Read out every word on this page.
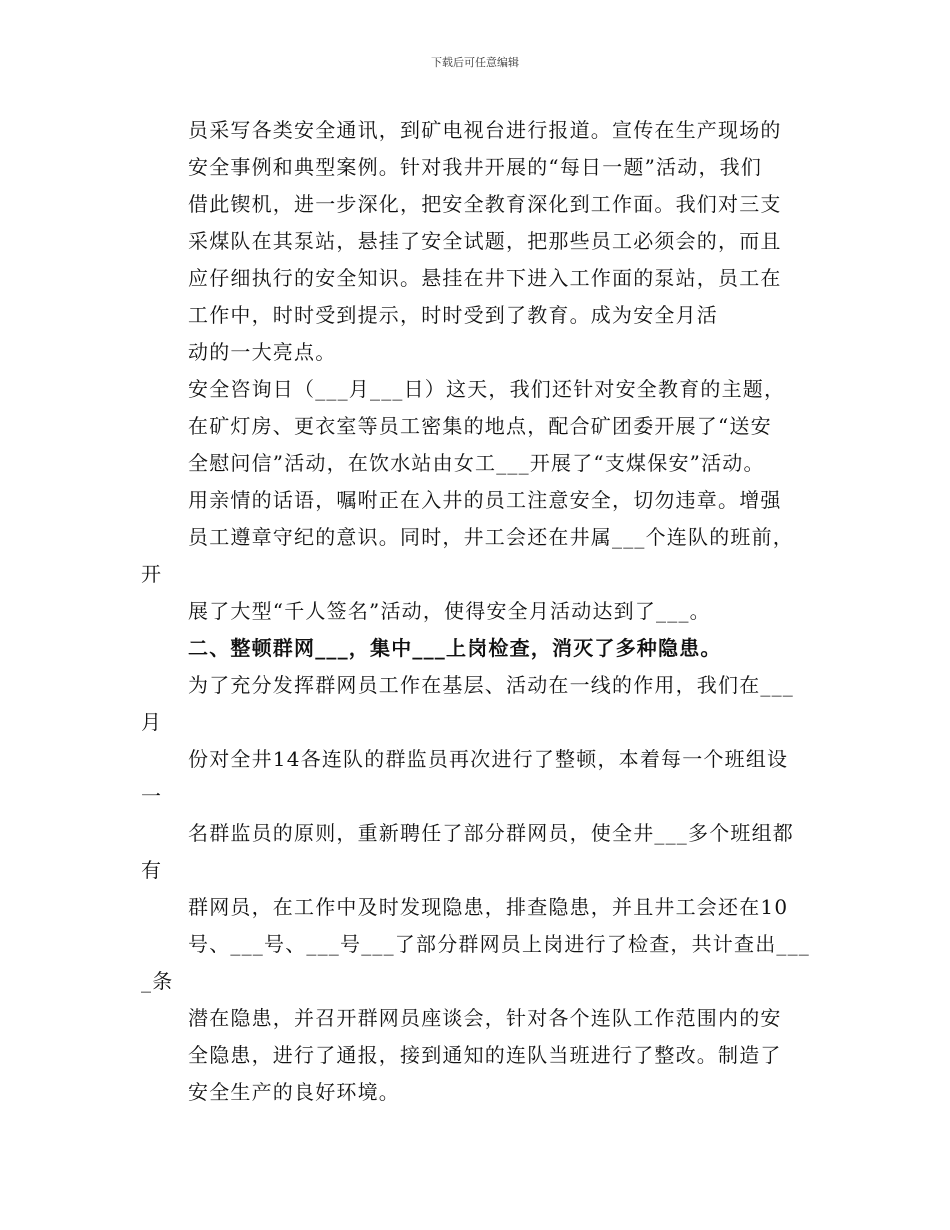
下载后可任意编辑
员采写各类安全通讯，到矿电视台进行报道。宣传在生产现场的
安全事例和典型案例。针对我井开展的“每日一题”活动，我们
借此锲机，进一步深化，把安全教育深化到工作面。我们对三支
采煤队在其泵站，悬挂了安全试题，把那些员工必须会的，而且
应仔细执行的安全知识。悬挂在井下进入工作面的泵站，员工在
工作中，时时受到提示，时时受到了教育。成为安全月活
动的一大亮点。
安全咨询日（___月___日）这天，我们还针对安全教育的主题，
在矿灯房、更衣室等员工密集的地点，配合矿团委开展了“送安
全慰问信”活动，在饮水站由女工___开展了“支煤保安”活动。
用亲情的话语，嘱咐正在入井的员工注意安全，切勿违章。增强
员工遵章守纪的意识。同时，井工会还在井属___个连队的班前，
开
展了大型“千人签名”活动，使得安全月活动达到了___。
二、整顿群网___，集中___上岗检查，消灭了多种隐患。
为了充分发挥群网员工作在基层、活动在一线的作用，我们在___
月
份对全井14各连队的群监员再次进行了整顿，本着每一个班组设
一
名群监员的原则，重新聘任了部分群网员，使全井___多个班组都
有
群网员，在工作中及时发现隐患，排查隐患，并且井工会还在10
号、___号、___号___了部分群网员上岗进行了检查，共计查出___
_条
潜在隐患，并召开群网员座谈会，针对各个连队工作范围内的安
全隐患，进行了通报，接到通知的连队当班进行了整改。制造了
安全生产的良好环境。
